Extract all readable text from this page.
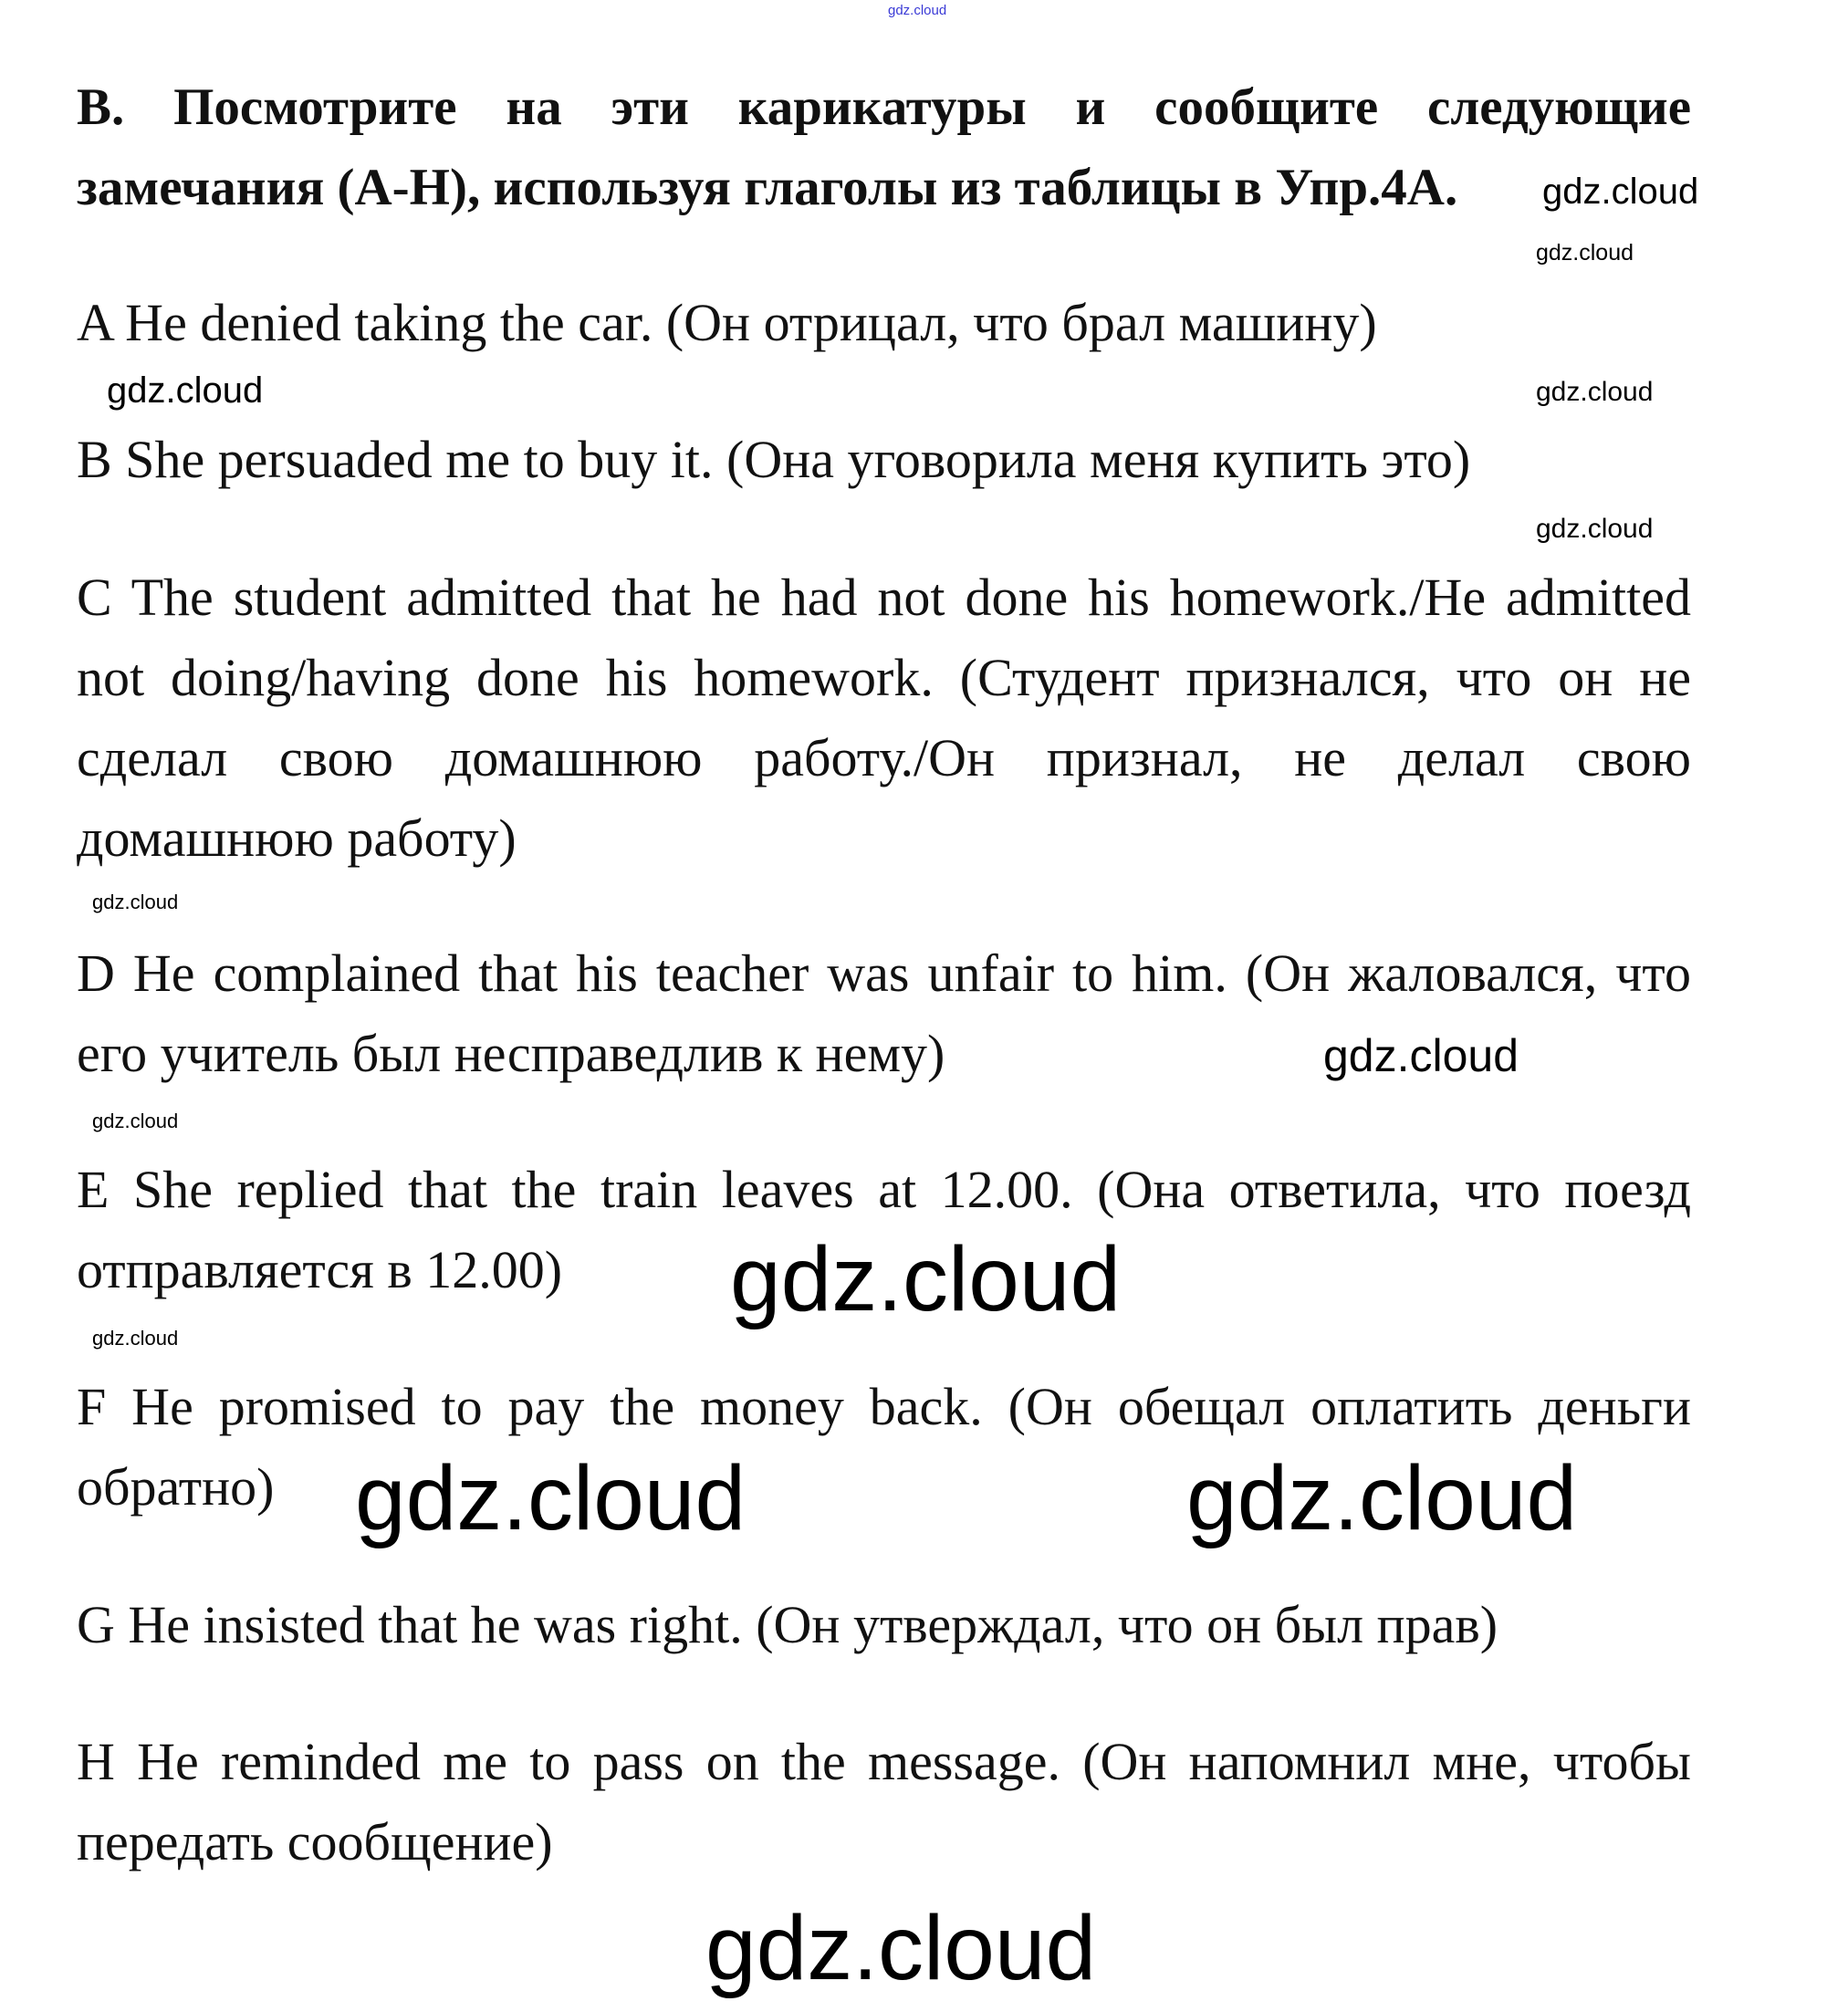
B. Посмотрите на эти карикатуры и сообщите следующие замечания (A-H), используя глаголы из таблицы в Упр.4А.
A He denied taking the car. (Он отрицал, что брал машину)
B She persuaded me to buy it. (Она уговорила меня купить это)
C The student admitted that he had not done his homework./He admitted not doing/having done his homework. (Студент признался, что он не сделал свою домашнюю работу./Он признал, не делал свою домашнюю работу)
D He complained that his teacher was unfair to him. (Он жаловался, что его учитель был несправедлив к нему)
E She replied that the train leaves at 12.00. (Она ответила, что поезд отправляется в 12.00)
F He promised to pay the money back. (Он обещал оплатить деньги обратно)
G He insisted that he was right. (Он утверждал, что он был прав)
H He reminded me to pass on the message. (Он напомнил мне, чтобы передать сообщение)
gdz.cloud
gdz.cloud
gdz.cloud
gdz.cloud
gdz.cloud
gdz.cloud
gdz.cloud
gdz.cloud
gdz.cloud
gdz.cloud
gdz.cloud
gdz.cloud
gdz.cloud	gdz.cloud
